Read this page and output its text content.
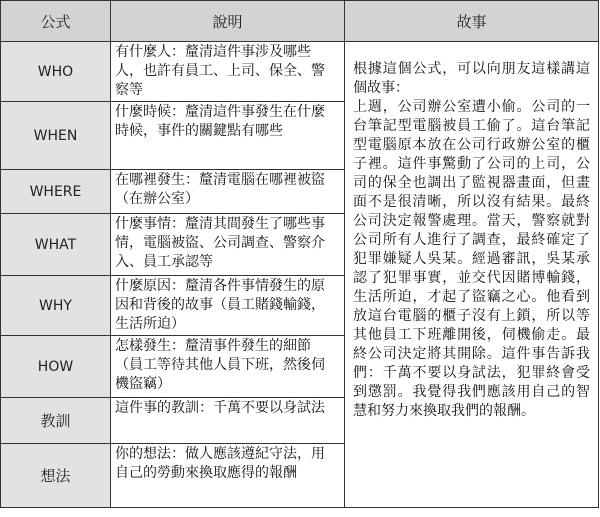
公式	說明	故事
WHO	有什麼人：釐清這件事涉及哪些人，也許有員工、上司、保全、警察等	根據這個公式，可以向朋友這樣講這個故事：

上週，公司辦公室遭小偷。公司的一台筆記型電腦被員工偷了。這台筆記型電腦原本放在公司行政辦公室的櫃子裡。這件事驚動了公司的上司，公司的保全也調出了監視器畫面，但畫面不是很清晰，所以沒有結果。最終公司決定報警處理。當天，警察就對公司所有人進行了調查，最終確定了犯罪嫌疑人吳某。經過審訊，吳某承認了犯罪事實，並交代因賭博輸錢，生活所迫，才起了盜竊之心。他看到放這台電腦的櫃子沒有上鎖，所以等其他員工下班離開後，伺機偷走。最終公司決定將其開除。這件事告訴我們：千萬不要以身試法，犯罪終會受到懲罰。我覺得我們應該用自己的智慧和努力來換取我們的報酬。

WHEN	什麼時候：釐清這件事發生在什麼時候，事件的關鍵點有哪些	
WHERE	在哪裡發生：釐清電腦在哪裡被盜（在辦公室）	
WHAT	什麼事情：釐清其間發生了哪些事情，電腦被盜、公司調查、警察介入、員工承認等	
WHY	什麼原因：釐清各件事情發生的原因和背後的故事（員工賭錢輸錢，生活所迫）	
HOW	怎樣發生：釐清事件發生的細節（員工等待其他人員下班，然後伺機盜竊）	
教訓	這件事的教訓：千萬不要以身試法	
想法	你的想法：做人應該遵紀守法，用自己的勞動來換取應得的報酬	
